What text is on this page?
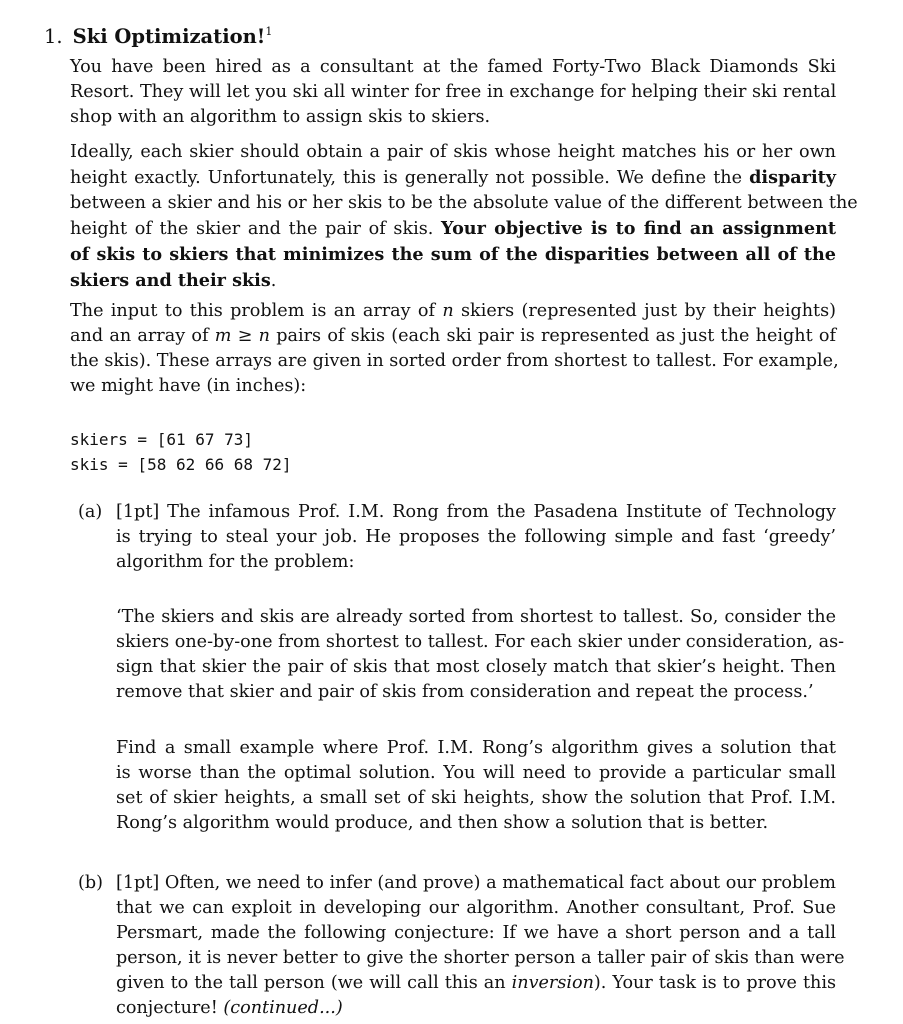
1. Ski Optimization!$^1$
You have been hired as a consultant at the famed Forty-Two Black Diamonds Ski
Resort. They will let you ski all winter for free in exchange for helping their ski rental
shop with an algorithm to assign skis to skiers.
Ideally, each skier should obtain a pair of skis whose height matches his or her own
height exactly. Unfortunately, this is generally not possible. We define the disparity
between a skier and his or her skis to be the absolute value of the different between the
height of the skier and the pair of skis. Your objective is to find an assignment
of skis to skiers that minimizes the sum of the disparities between all of the
skiers and their skis.
The input to this problem is an array of n skiers (represented just by their heights)
and an array of m ≥ n pairs of skis (each ski pair is represented as just the height of
the skis). These arrays are given in sorted order from shortest to tallest. For example,
we might have (in inches):
skiers = [61 67 73]
skis = [58 62 66 68 72]
(a) [1pt] The infamous Prof. I.M. Rong from the Pasadena Institute of Technology
is trying to steal your job. He proposes the following simple and fast ‘greedy’
algorithm for the problem:
‘The skiers and skis are already sorted from shortest to tallest. So, consider the
skiers one-by-one from shortest to tallest. For each skier under consideration, as-
sign that skier the pair of skis that most closely match that skier’s height. Then
remove that skier and pair of skis from consideration and repeat the process.’
Find a small example where Prof. I.M. Rong’s algorithm gives a solution that
is worse than the optimal solution. You will need to provide a particular small
set of skier heights, a small set of ski heights, show the solution that Prof. I.M.
Rong’s algorithm would produce, and then show a solution that is better.
(b) [1pt] Often, we need to infer (and prove) a mathematical fact about our problem
that we can exploit in developing our algorithm. Another consultant, Prof. Sue
Persmart, made the following conjecture: If we have a short person and a tall
person, it is never better to give the shorter person a taller pair of skis than were
given to the tall person (we will call this an inversion). Your task is to prove this
conjecture! (continued...)
